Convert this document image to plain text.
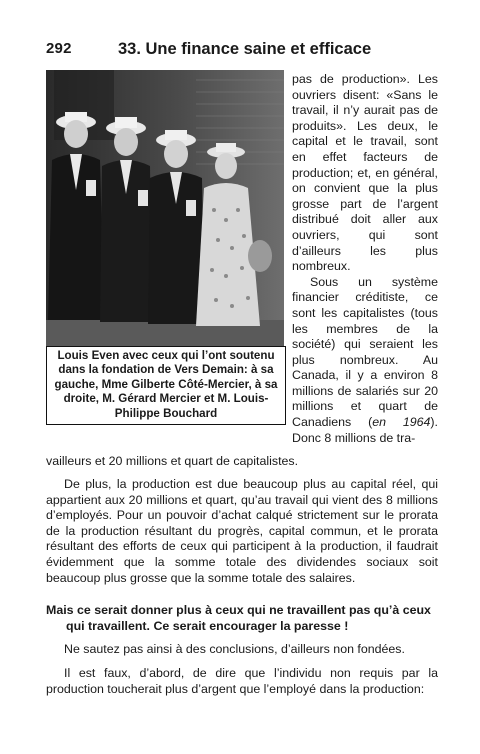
292	33. Une finance saine et efficace
Louis Even avec ceux qui l’ont soutenu dans la fondation de Vers Demain: à sa gauche, Mme Gilberte Côté-Mercier, à sa droite, M. Gérard Mercier et M. Louis-Philippe Bouchard

pas de production». Les ouvriers disent: «Sans le travail, il n’y aurait pas de produits». Les deux, le capital et le travail, sont en effet facteurs de production; et, en général, on convient que la plus grosse part de l’argent distribué doit aller aux ouvriers, qui sont d’ailleurs les plus nombreux.

Sous un système financier créditiste, ce sont les capitalistes (tous les membres de la société) qui seraient les plus nombreux. Au Canada, il y a environ 8 millions de salariés sur 20 millions et quart de Canadiens (en 1964). Donc 8 millions de tra-

vailleurs et 20 millions et quart de capitalistes.

De plus, la production est due beaucoup plus au capital réel, qui appartient aux 20 millions et quart, qu’au travail qui vient des 8 millions d’employés. Pour un pouvoir d’achat calqué strictement sur le prorata de la production résultant du progrès, capital commun, et le prorata résultant des efforts de ceux qui participent à la production, il faudrait évidemment que la somme totale des dividendes sociaux soit beaucoup plus grosse que la somme totale des salaires.

Mais ce serait donner plus à ceux qui ne travaillent pas qu’à ceux
qui travaillent. Ce serait encourager la paresse !

Ne sautez pas ainsi à des conclusions, d’ailleurs non fondées.

Il est faux, d’abord, de dire que l’individu non requis par la production toucherait plus d’argent que l’employé dans la production:
